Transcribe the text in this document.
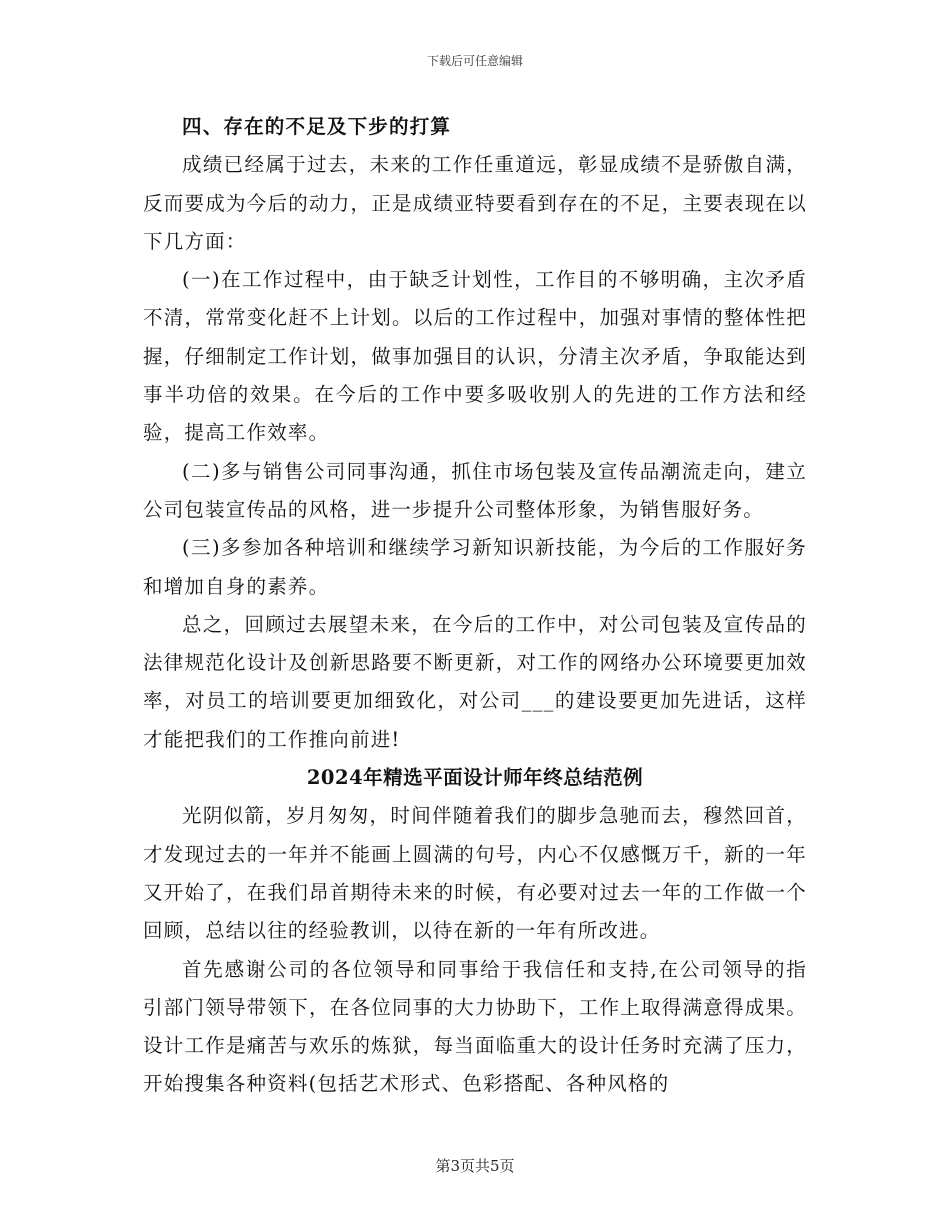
下载后可任意编辑

四、存在的不足及下步的打算

成绩已经属于过去，未来的工作任重道远，彰显成绩不是骄傲自满，反而要成为今后的动力，正是成绩亚特要看到存在的不足，主要表现在以下几方面：

(一)在工作过程中，由于缺乏计划性，工作目的不够明确，主次矛盾不清，常常变化赶不上计划。以后的工作过程中，加强对事情的整体性把握，仔细制定工作计划，做事加强目的认识，分清主次矛盾，争取能达到事半功倍的效果。在今后的工作中要多吸收别人的先进的工作方法和经验，提高工作效率。

(二)多与销售公司同事沟通，抓住市场包装及宣传品潮流走向，建立公司包装宣传品的风格，进一步提升公司整体形象，为销售服好务。

(三)多参加各种培训和继续学习新知识新技能，为今后的工作服好务和增加自身的素养。

总之，回顾过去展望未来，在今后的工作中，对公司包装及宣传品的法律规范化设计及创新思路要不断更新，对工作的网络办公环境要更加效率，对员工的培训要更加细致化，对公司___的建设要更加先进话，这样才能把我们的工作推向前进!

2024年精选平面设计师年终总结范例

光阴似箭，岁月匆匆，时间伴随着我们的脚步急驰而去，穆然回首，才发现过去的一年并不能画上圆满的句号，内心不仅感慨万千，新的一年又开始了，在我们昂首期待未来的时候，有必要对过去一年的工作做一个回顾，总结以往的经验教训，以待在新的一年有所改进。

首先感谢公司的各位领导和同事给于我信任和支持,在公司领导的指引部门领导带领下，在各位同事的大力协助下，工作上取得满意得成果。设计工作是痛苦与欢乐的炼狱，每当面临重大的设计任务时充满了压力，开始搜集各种资料(包括艺术形式、色彩搭配、各种风格的

第3页共5页
